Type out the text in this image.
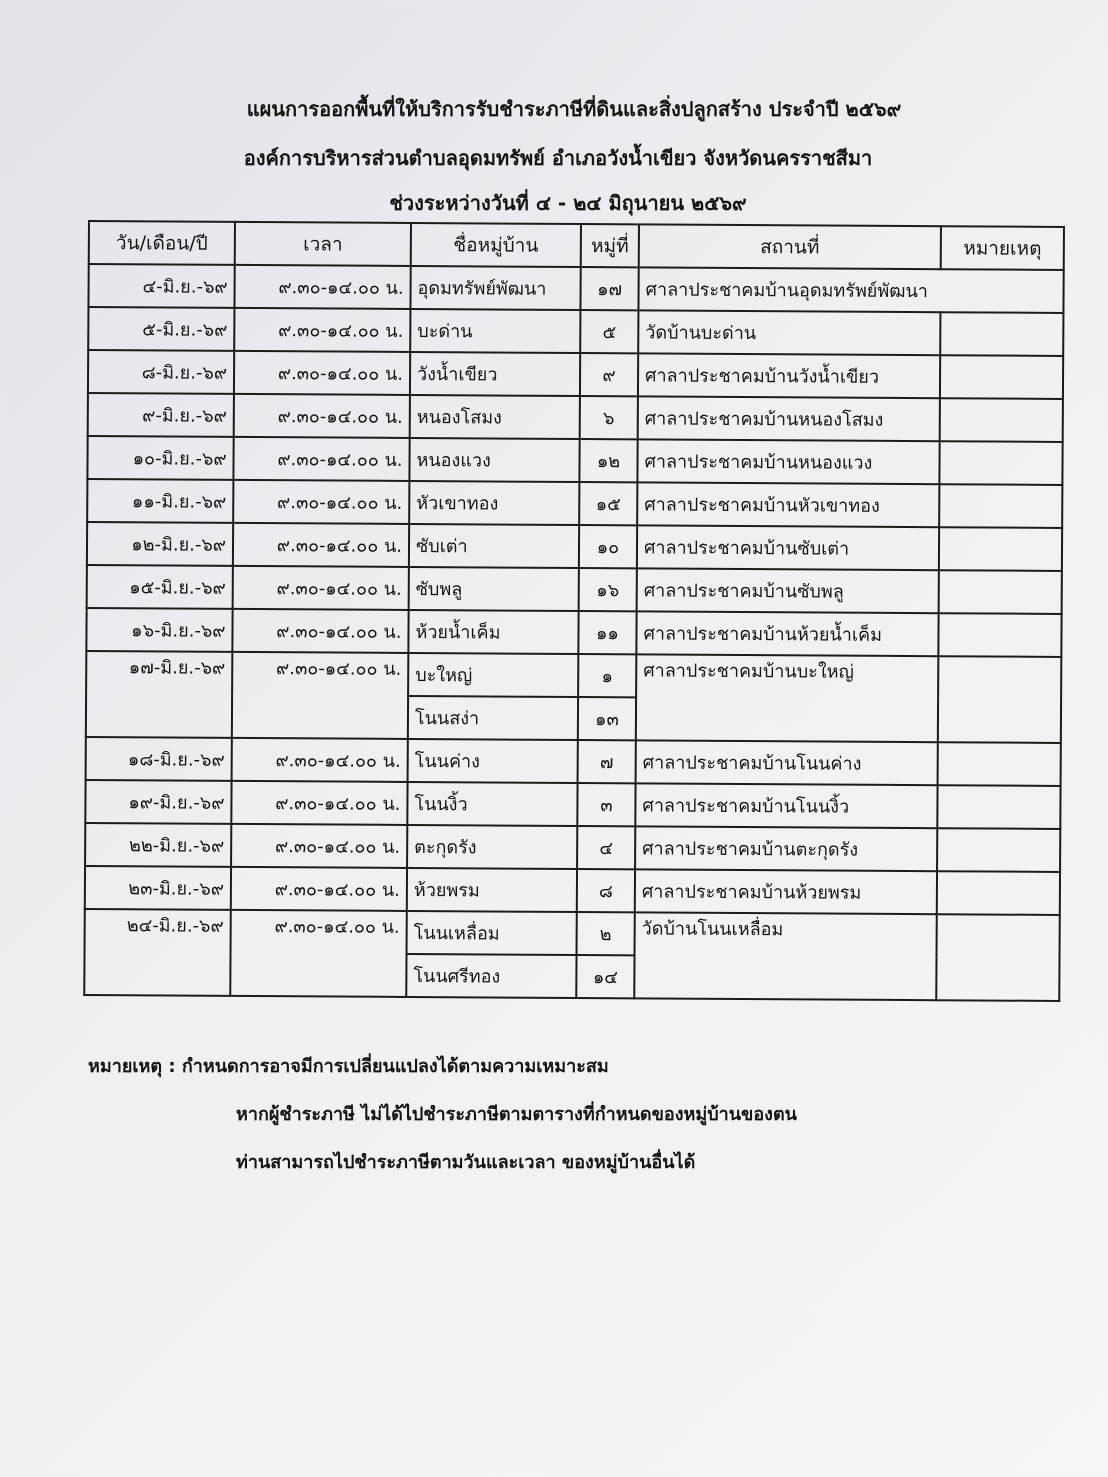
แผนการออกพื้นที่ให้บริการรับชำระภาษีที่ดินและสิ่งปลูกสร้าง ประจำปี ๒๕๖๙
องค์การบริหารส่วนตำบลอุดมทรัพย์ อำเภอวังน้ำเขียว จังหวัดนครราชสีมา
ช่วงระหว่างวันที่ ๔ - ๒๔ มิถุนายน ๒๕๖๙
วัน/เดือน/ปี	เวลา	ชื่อหมู่บ้าน	หมู่ที่	สถานที่	หมายเหตุ
๔-มิ.ย.-๖๙	๙.๓๐-๑๔.๐๐ น.	อุดมทรัพย์พัฒนา	๑๗	ศาลาประชาคมบ้านอุดมทรัพย์พัฒนา	
๕-มิ.ย.-๖๙	๙.๓๐-๑๔.๐๐ น.	บะด่าน	๕	วัดบ้านบะด่าน	
๘-มิ.ย.-๖๙	๙.๓๐-๑๔.๐๐ น.	วังน้ำเขียว	๙	ศาลาประชาคมบ้านวังน้ำเขียว	
๙-มิ.ย.-๖๙	๙.๓๐-๑๔.๐๐ น.	หนองโสมง	๖	ศาลาประชาคมบ้านหนองโสมง	
๑๐-มิ.ย.-๖๙	๙.๓๐-๑๔.๐๐ น.	หนองแวง	๑๒	ศาลาประชาคมบ้านหนองแวง	
๑๑-มิ.ย.-๖๙	๙.๓๐-๑๔.๐๐ น.	หัวเขาทอง	๑๕	ศาลาประชาคมบ้านหัวเขาทอง	
๑๒-มิ.ย.-๖๙	๙.๓๐-๑๔.๐๐ น.	ซับเต่า	๑๐	ศาลาประชาคมบ้านซับเต่า	
๑๕-มิ.ย.-๖๙	๙.๓๐-๑๔.๐๐ น.	ซับพลู	๑๖	ศาลาประชาคมบ้านซับพลู	
๑๖-มิ.ย.-๖๙	๙.๓๐-๑๔.๐๐ น.	ห้วยน้ำเค็ม	๑๑	ศาลาประชาคมบ้านห้วยน้ำเค็ม	
๑๗-มิ.ย.-๖๙	๙.๓๐-๑๔.๐๐ น.	บะใหญ่	๑	ศาลาประชาคมบ้านบะใหญ่	
		โนนสง่า	๑๓		
๑๘-มิ.ย.-๖๙	๙.๓๐-๑๔.๐๐ น.	โนนค่าง	๗	ศาลาประชาคมบ้านโนนค่าง	
๑๙-มิ.ย.-๖๙	๙.๓๐-๑๔.๐๐ น.	โนนงิ้ว	๓	ศาลาประชาคมบ้านโนนงิ้ว	
๒๒-มิ.ย.-๖๙	๙.๓๐-๑๔.๐๐ น.	ตะกุดรัง	๔	ศาลาประชาคมบ้านตะกุดรัง	
๒๓-มิ.ย.-๖๙	๙.๓๐-๑๔.๐๐ น.	ห้วยพรม	๘	ศาลาประชาคมบ้านห้วยพรม	
๒๔-มิ.ย.-๖๙	๙.๓๐-๑๔.๐๐ น.	โนนเหลื่อม	๒	วัดบ้านโนนเหลื่อม	
		โนนศรีทอง	๑๔		
หมายเหตุ : กำหนดการอาจมีการเปลี่ยนแปลงได้ตามความเหมาะสม
หากผู้ชำระภาษี ไม่ได้ไปชำระภาษีตามตารางที่กำหนดของหมู่บ้านของตน
ท่านสามารถไปชำระภาษีตามวันและเวลา ของหมู่บ้านอื่นได้
